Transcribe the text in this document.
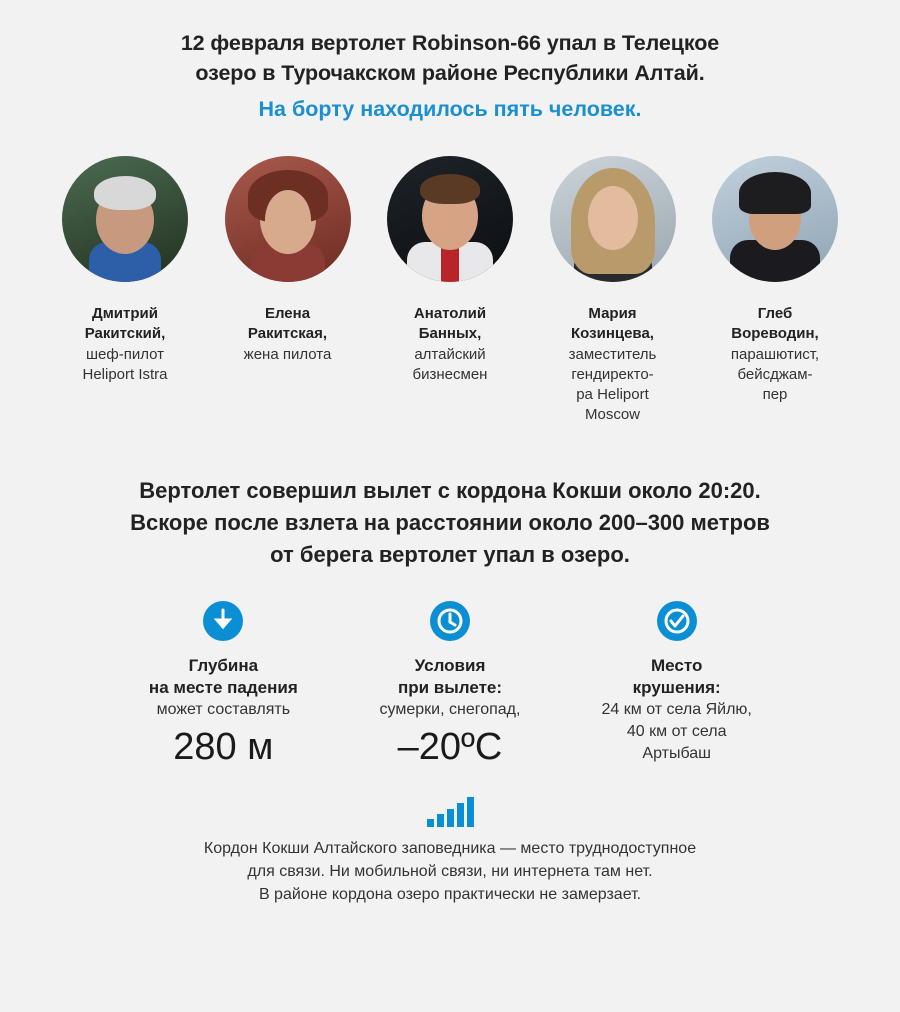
12 февраля вертолет Robinson-66 упал в Телецкое
озеро в Турочакском районе Республики Алтай.
На борту находилось пять человек.
Дмитрий
Ракитский,
шеф-пилот
Heliport Istra
Елена
Ракитская,
жена пилота
Анатолий
Банных,
алтайский
бизнесмен
Мария
Козинцева,
заместитель
гендиректо-
ра Heliport
Moscow
Глеб
Вореводин,
парашютист,
бейсджам-
пер
Вертолет совершил вылет с кордона Кокши около 20:20.
Вскоре после взлета на расстоянии около 200–300 метров
от берега вертолет упал в озеро.
Глубина
на месте падения
может составлять
280 м
Условия
при вылете:
сумерки, снегопад,
–20ºC
Место
крушения:
24 км от села Яйлю,
40 км от села
Артыбаш
Кордон Кокши Алтайского заповедника — место труднодоступное
для связи. Ни мобильной связи, ни интернета там нет.
В районе кордона озеро практически не замерзает.
